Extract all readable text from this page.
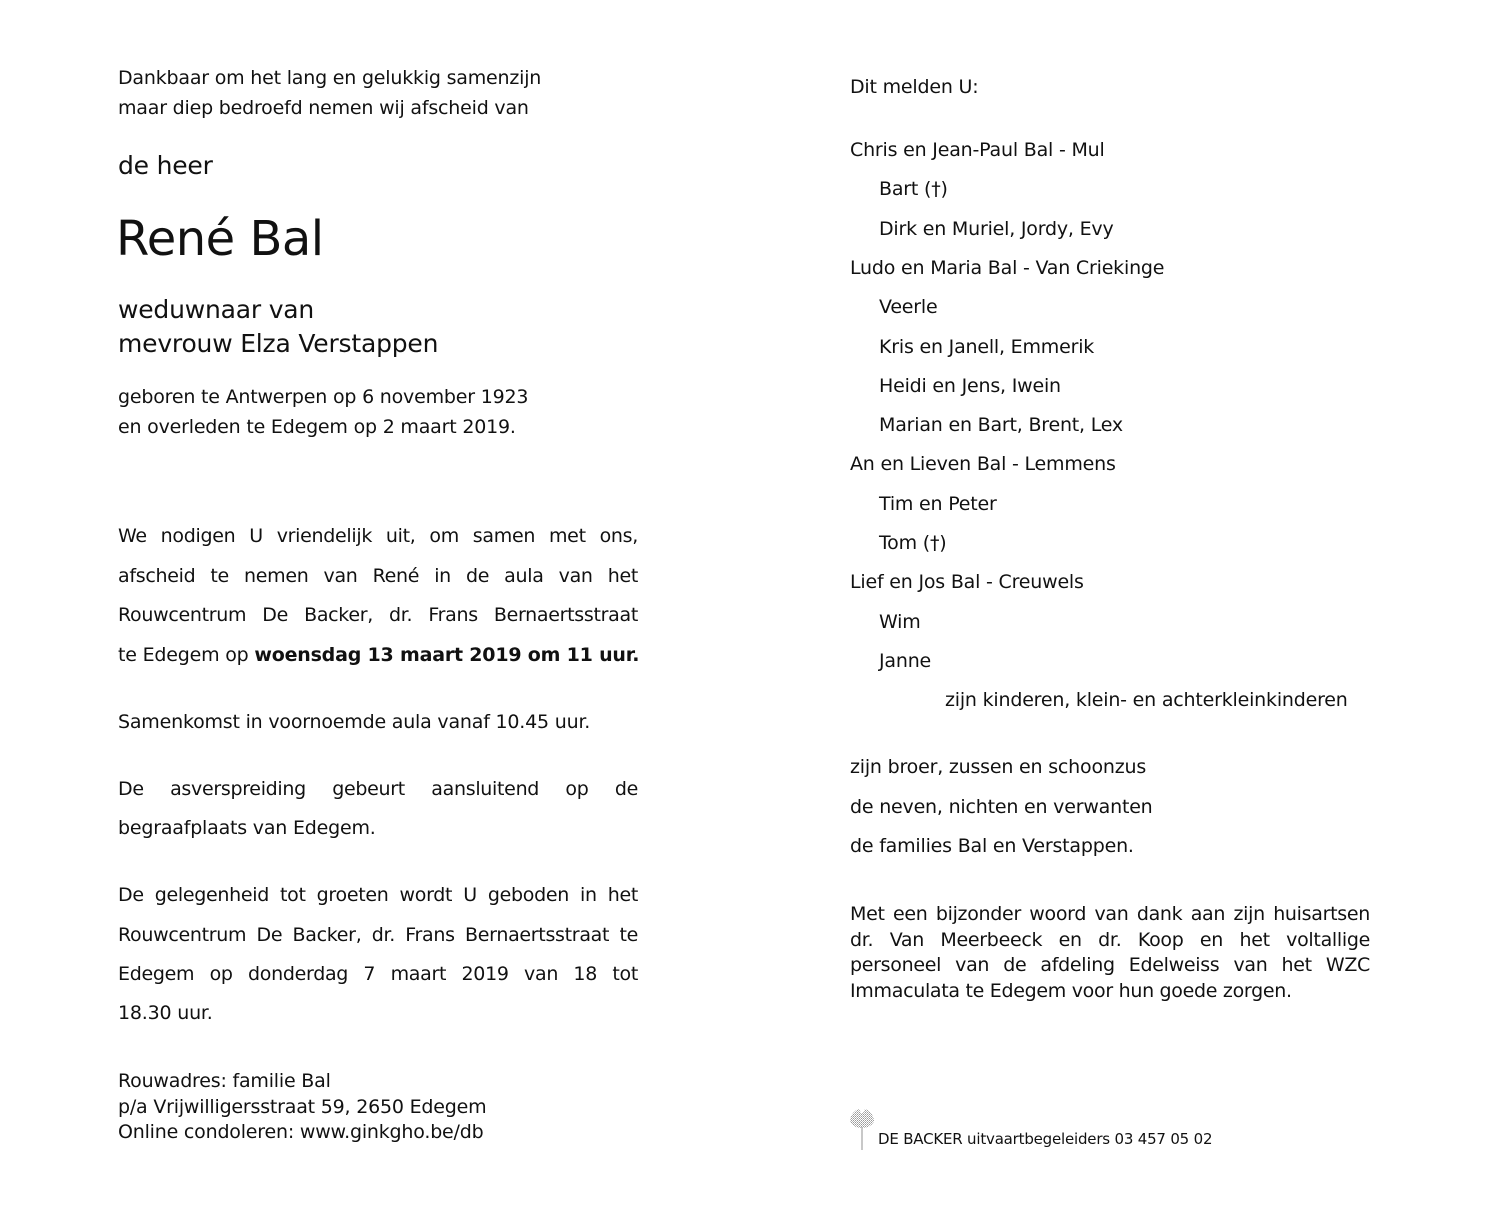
Dankbaar om het lang en gelukkig samenzijn
maar diep bedroefd nemen wij afscheid van
de heer
René Bal
weduwnaar van
mevrouw Elza Verstappen
geboren te Antwerpen op 6 november 1923
en overleden te Edegem op 2 maart 2019.
We nodigen U vriendelijk uit, om samen met ons,
afscheid te nemen van René in de aula van het
Rouwcentrum De Backer, dr. Frans Bernaertsstraat
te Edegem op woensdag 13 maart 2019 om 11 uur.
Samenkomst in voornoemde aula vanaf 10.45 uur.
De asverspreiding gebeurt aansluitend op de
begraafplaats van Edegem.
De gelegenheid tot groeten wordt U geboden in het
Rouwcentrum De Backer, dr. Frans Bernaertsstraat te
Edegem op donderdag 7 maart 2019 van 18 tot
18.30 uur.
Rouwadres: familie Bal
p/a Vrijwilligersstraat 59, 2650 Edegem
Online condoleren: www.ginkgho.be/db
Dit melden U:
Chris en Jean-Paul Bal - Mul
Bart (†)
Dirk en Muriel, Jordy, Evy
Ludo en Maria Bal - Van Criekinge
Veerle
Kris en Janell, Emmerik
Heidi en Jens, Iwein
Marian en Bart, Brent, Lex
An en Lieven Bal - Lemmens
Tim en Peter
Tom (†)
Lief en Jos Bal - Creuwels
Wim
Janne
zijn kinderen, klein- en achterkleinkinderen
zijn broer, zussen en schoonzus
de neven, nichten en verwanten
de families Bal en Verstappen.
Met een bijzonder woord van dank aan zijn huisartsen dr. Van Meerbeeck en dr. Koop en het voltallige personeel van de afdeling Edelweiss van het WZC Immaculata te Edegem voor hun goede zorgen.
DE BACKER uitvaartbegeleiders 03 457 05 02
